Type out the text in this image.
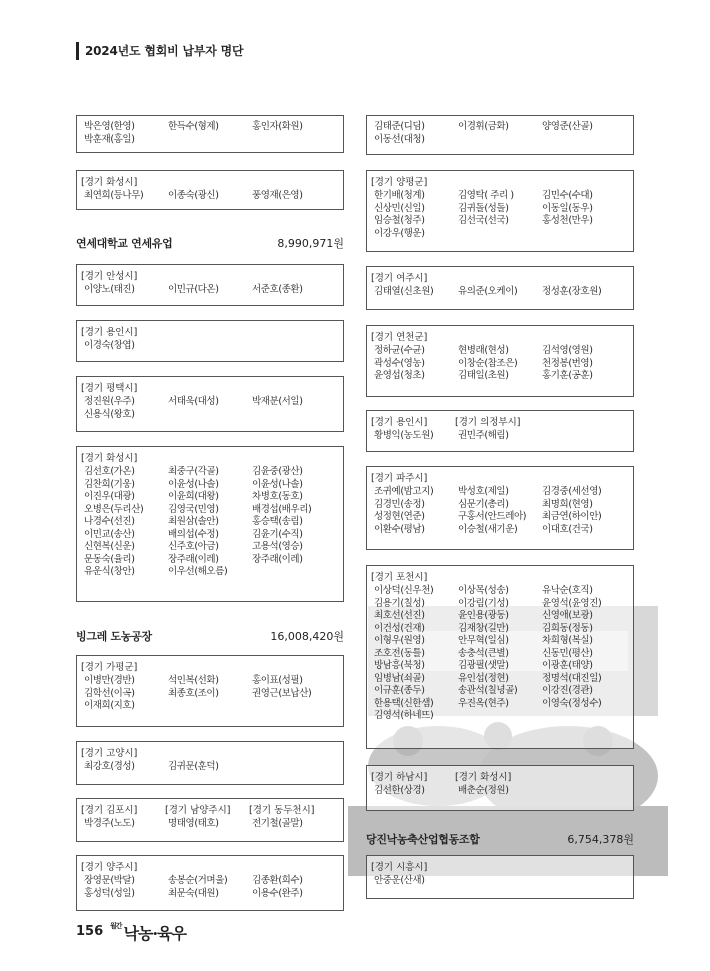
2024년도 협회비 납부자 명단
박은영(한영)	한득수(형제)	홍인자(화원)
박훈재(홍일)
[경기 화성시]
최연희(등나무)	이종숙(광신)	풍영재(은영)
연세대학교 연세유업	8,990,971원
[경기 안성시]
이양노(태진)	이민규(다온)	서준호(종환)
[경기 용인시]
이경숙(창엽)
[경기 평택시]
정진원(우주)	서태욱(대성)	박재분(서일)
신용식(왕호)
[경기 화성시]
김선호(가온)	최중구(각골)	김윤중(광산)
김찬희(기웅)	이윤성(나솔)	이윤성(나솔)
이진우(대광)	이윤희(대왕)	차병호(동호)
오병은(두리산)	김영국(민영)	배경섭(배우리)
나경수(선진)	최원삼(솔안)	홍승택(송림)
이민교(송산)	배의섭(수정)	김윤기(수직)
신현복(신운)	신주호(아금)	고용석(영승)
문동숙(율리)	장주래(이레)	장주래(이레)
유운식(창안)	이우선(해오름)
빙그레 도농공장	16,008,420원
[경기 가평군]
이병만(경반)	석인복(선화)	홍이표(성필)
김학선(이곡)	최종호(조이)	권영근(보납산)
이재희(지호)
[경기 고양시]
최강호(경성)	김귀문(훈덕)
[경기 김포시]	[경기 남양주시] [경기 동두천시]
박경주(노도)	명태영(태호)	전기철(골말)
[경기 양주시]
장영문(박달)	송봉순(거며울)	김종환(희수)
홍성덕(성일)	최문숙(대원)	이용수(완주)
김태준(디딤)	이경휘(금화)	양영준(산골)
이동선(대청)
[경기 양평군]
한기배(청계)	김영탁( 주리 )	김민수(수대)
신상민(신일)	김귀돌(성돌)	이동일(동우)
임승철(청주)	김선국(선국)	홍성천(만우)
이강우(행운)
[경기 여주시]
김태열(신초원)	유의준(오케이)	정성훈(장호원)
[경기 연천군]
정하균(수균)	현병래(현성)	김석영(영원)
곽성수(영농)	이창순(참조은)	천정봉(번영)
윤영섭(청초)	김태일(초원)	홍기훈(공훈)
[경기 용인시]	[경기 의정부시]
황병익(농도원)	권민주(해림)
[경기 파주시]
조귀예(밤고지)	박성호(제일)	김경중(세선영)
김경민(송정)	심문기(총리)	최명희(현영)
성정현(연준)	구홍서(안드레아)	최금연(하이안)
이환수(평남)	이승철(새기운)	이대호(건국)
[경기 포천시]
이상덕(신우천)	이상목(성송)	유낙순(호직)
김용기(칠성)	이강림(기성)	윤영석(윤영진)
최호선(선진)	윤인용(광동)	신영애(보광)
이건성(건재)	김재창(길만)	김희동(정동)
이형우(원영)	안무혁(일심)	차희형(복실)
조호전(동틀)	송충석(큰별)	신동민(평산)
방남흥(북청)	김광필(샛말)	이광훈(태양)
임병남(쇠골)	유인섭(정현)	정명석(대진일)
이규훈(종두)	송관석(칠녕골)	이강진(경관)
한용택(신한샘)	우진옥(현주)	이영숙(정성수)
김영석(하네뜨)
[경기 하남시]	[경기 화성시]
김선한(상경)	배춘순(정원)
당진낙농축산업협동조합	6,754,378원
[경기 시흥시]
안중운(산새)
156 $^{월간}$ 낙농·육우
